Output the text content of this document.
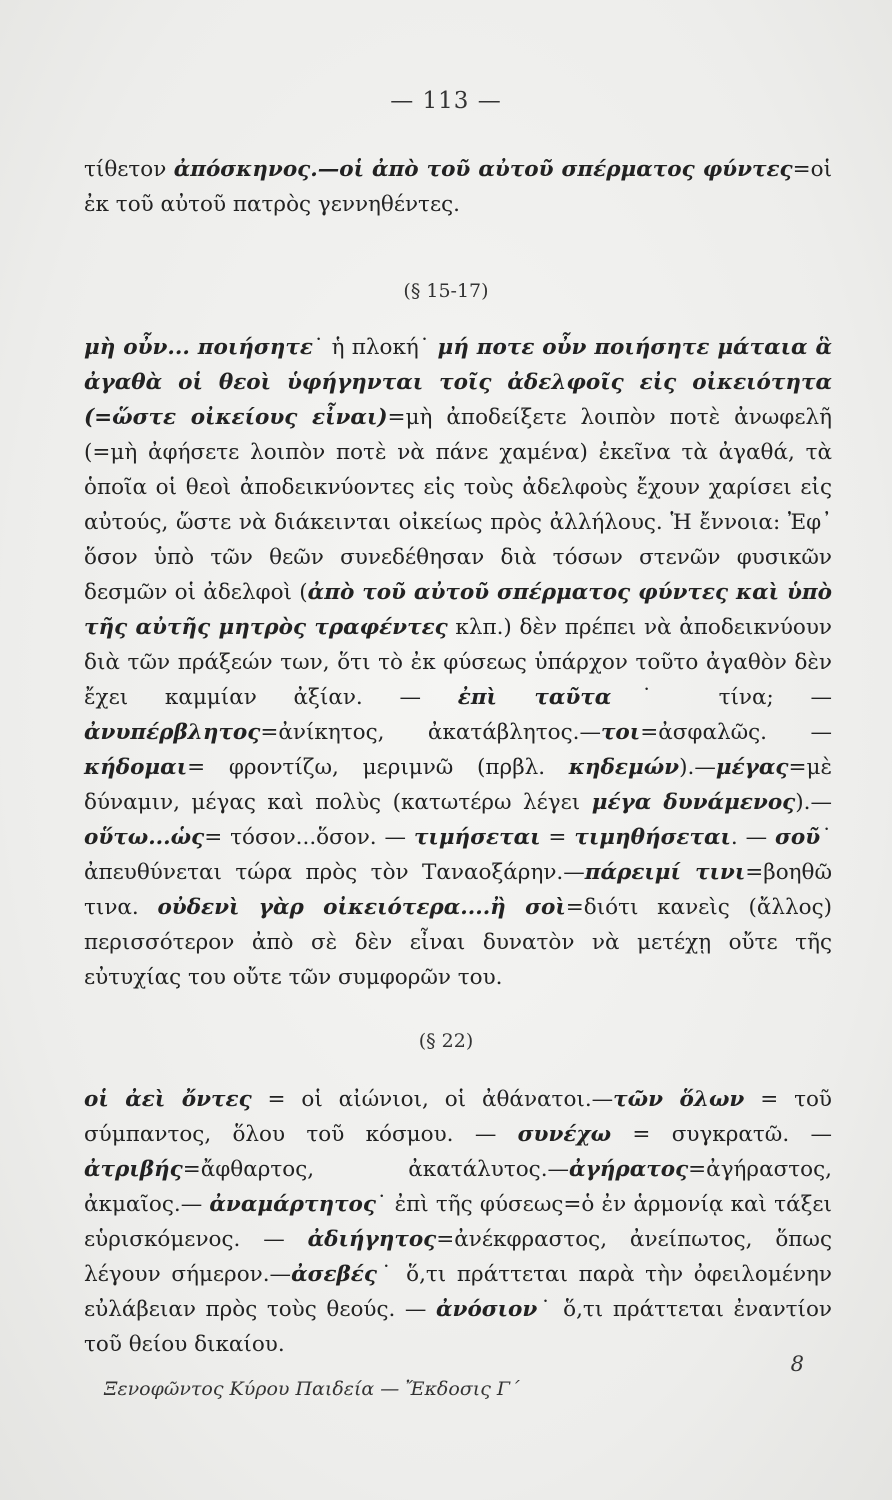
— 113 —
τίθετον ἀπόσκηνος.—οἱ ἀπὸ τοῦ αὐτοῦ σπέρματος φύντες=οἱ ἐκ τοῦ αὐτοῦ πατρὸς γεννηθέντες.
(§ 15-17)
μὴ οὖν... ποιήσητε˙ ἡ πλοκή˙ μή ποτε οὖν ποιήσητε μάταια ἃ ἀγαθὰ οἱ θεοὶ ὑφήγηνται τοῖς ἀδελφοῖς εἰς οἰκειότητα (=ὥστε οἰκείους εἶναι)=μὴ ἀποδείξετε λοιπὸν ποτὲ ἀνωφελῆ (=μὴ ἀφήσετε λοιπὸν ποτὲ νὰ πάνε χαμένα) ἐκεῖνα τὰ ἀγαθά, τὰ ὁποῖα οἱ θεοὶ ἀποδεικνύοντες εἰς τοὺς ἀδελφοὺς ἔχουν χαρίσει εἰς αὐτούς, ὥστε νὰ διάκεινται οἰκείως πρὸς ἀλλήλους. Ἡ ἔννοια: Ἐφ᾽ ὅσον ὑπὸ τῶν θεῶν συνεδέθησαν διὰ τόσων στενῶν φυσικῶν δεσμῶν οἱ ἀδελφοὶ (ἀπὸ τοῦ αὐτοῦ σπέρματος φύντες καὶ ὑπὸ τῆς αὐτῆς μητρὸς τραφέντες κλπ.) δὲν πρέπει νὰ ἀποδεικνύουν διὰ τῶν πράξεών των, ὅτι τὸ ἐκ φύσεως ὑπάρχον τοῦτο ἀγαθὸν δὲν ἔχει καμμίαν ἀξίαν. — ἐπὶ ταῦτα˙ τίνα; — ἀνυπέρβλητος=ἀνίκητος, ἀκατάβλητος.—τοι=ἀσφαλῶς. — κήδομαι= φροντίζω, μεριμνῶ (πρβλ. κηδεμών).—μέγας=μὲ δύναμιν, μέγας καὶ πολὺς (κατωτέρω λέγει μέγα δυνάμενος).—οὕτω...ὡς= τόσον...ὅσον. — τιμήσεται = τιμηθήσεται. — σοῦ˙ ἀπευθύνεται τώρα πρὸς τὸν Ταναοξάρην.—πάρειμί τινι=βοηθῶ τινα. οὐδενὶ γὰρ οἰκειότερα....ἢ σοὶ=διότι κανεὶς (ἄλλος) περισσότερον ἀπὸ σὲ δὲν εἶναι δυνατὸν νὰ μετέχῃ οὔτε τῆς εὐτυχίας του οὔτε τῶν συμφορῶν του.
(§ 22)
οἱ ἀεὶ ὄντες = οἱ αἰώνιοι, οἱ ἀθάνατοι.—τῶν ὅλων = τοῦ σύμπαντος, ὅλου τοῦ κόσμου. — συνέχω = συγκρατῶ. — ἀτριβής=ἄφθαρτος, ἀκατάλυτος.—ἀγήρατος=ἀγήραστος, ἀκμαῖος.— ἀναμάρτητος˙ ἐπὶ τῆς φύσεως=ὁ ἐν ἁρμονίᾳ καὶ τάξει εὑρισκόμενος. — ἀδιήγητος=ἀνέκφραστος, ἀνείπωτος, ὅπως λέγουν σήμερον.—ἀσεβές˙ ὅ,τι πράττεται παρὰ τὴν ὀφειλομένην εὐλάβειαν πρὸς τοὺς θεούς. — ἀνόσιον˙ ὅ,τι πράττεται ἐναντίον τοῦ θείου δικαίου.
Ξενοφῶντος Κύρου Παιδεία — Ἔκδοσις Γ΄
8
